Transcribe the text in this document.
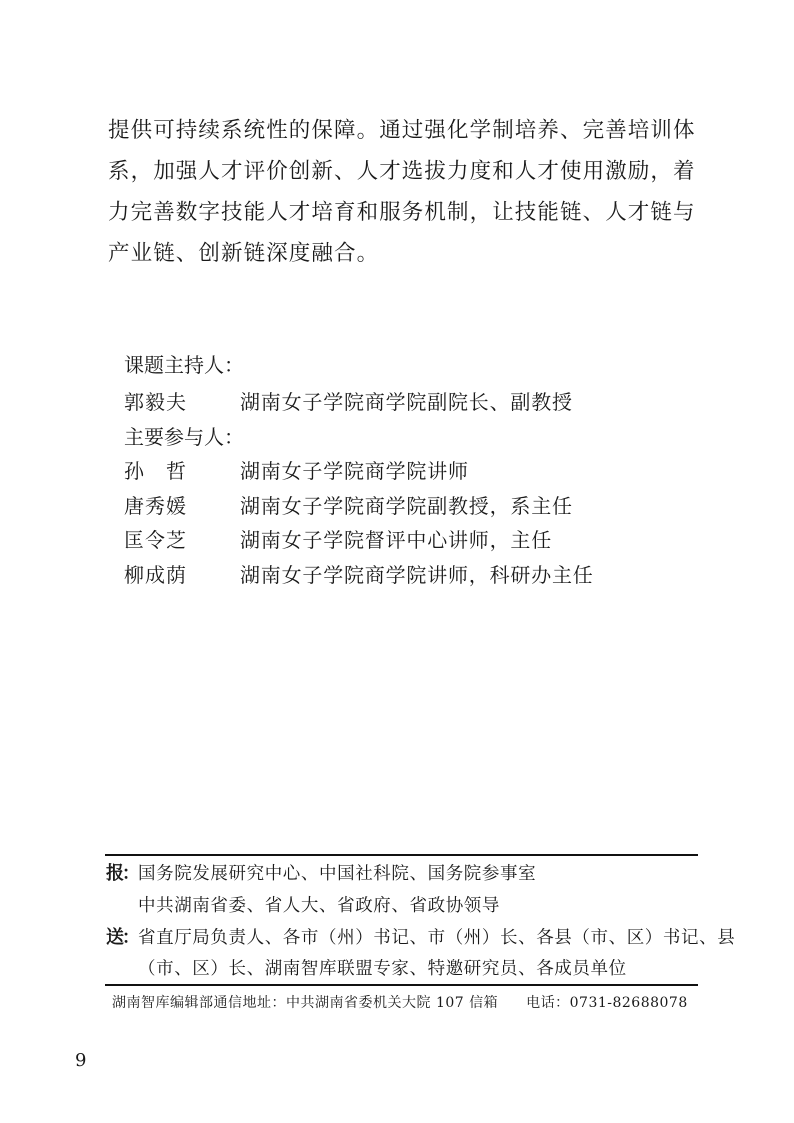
提供可持续系统性的保障。通过强化学制培养、完善培训体系，加强人才评价创新、人才选拔力度和人才使用激励，着力完善数字技能人才培育和服务机制，让技能链、人才链与产业链、创新链深度融合。

课题主持人：
郭毅夫	湖南女子学院商学院副院长、副教授
主要参与人：
孙　哲	湖南女子学院商学院讲师
唐秀媛	湖南女子学院商学院副教授，系主任
匡令芝	湖南女子学院督评中心讲师，主任
柳成荫	湖南女子学院商学院讲师，科研办主任
报
：
国务院发展研究中心、中国社科院、国务院参事室
中共湖南省委、省人大、省政府、省政协领导
送
：
省直厅局负责人、各市（州）书记、市（州）长、各县（市、区）书记、县
（市、区）长、湖南智库联盟专家、特邀研究员、各成员单位
湖南智库编辑部通信地址：中共湖南省委机关大院 107 信箱 电话：0731-82688078
9
